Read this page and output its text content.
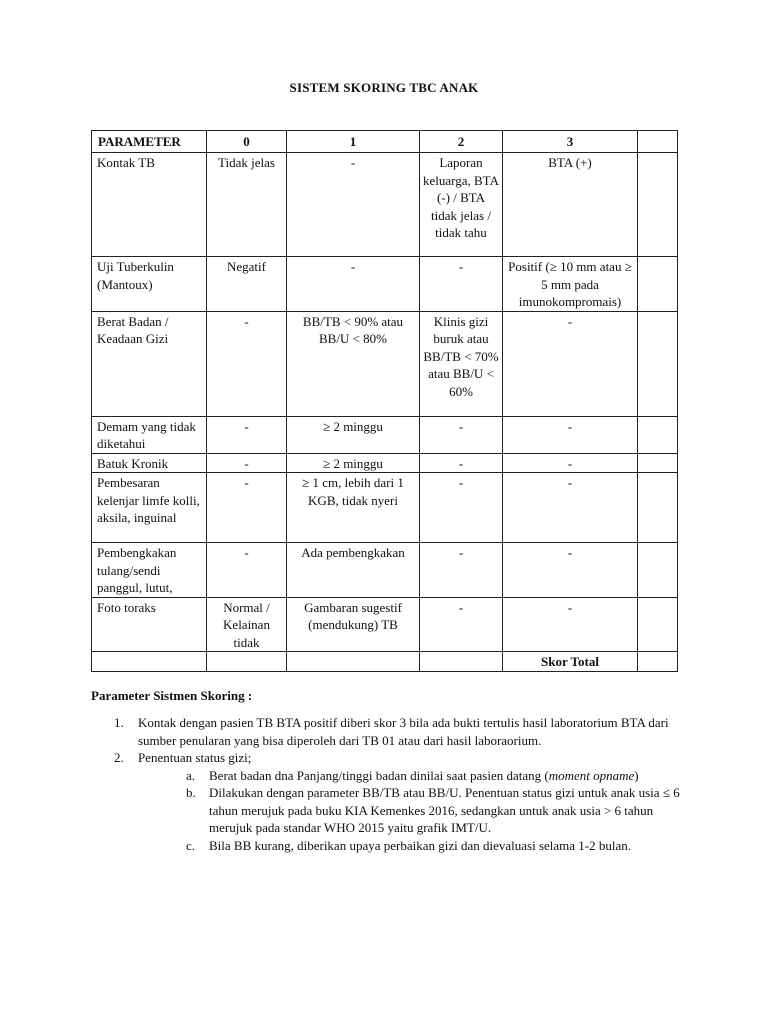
SISTEM SKORING TBC ANAK
PARAMETER	0	1	2	3	
Kontak TB	Tidak jelas	-	Laporan keluarga, BTA (-) / BTA tidak jelas / tidak tahu	BTA (+)	
Uji Tuberkulin (Mantoux)	Negatif	-	-	Positif (≥ 10 mm atau ≥ 5 mm pada imunokompromais)	
Berat Badan / Keadaan Gizi	-	BB/TB < 90% atau BB/U < 80%	Klinis gizi buruk atau BB/TB < 70% atau BB/U < 60%	-	
Demam yang tidak diketahui	-	≥ 2 minggu	-	-	
Batuk Kronik	-	≥ 2 minggu	-	-	
Pembesaran kelenjar limfe kolli, aksila, inguinal	-	≥ 1 cm, lebih dari 1 KGB, tidak nyeri	-	-	
Pembengkakan tulang/sendi panggul, lutut,	-	Ada pembengkakan	-	-	
Foto toraks	Normal / Kelainan tidak	Gambaran sugestif (mendukung) TB	-	-	
				Skor Total	
Parameter Sistmen Skoring :
1. Kontak dengan pasien TB BTA positif diberi skor 3 bila ada bukti tertulis hasil laboratorium BTA dari sumber penularan yang bisa diperoleh dari TB 01 atau dari hasil laboraorium.
2. Penentuan status gizi;
a. Berat badan dna Panjang/tinggi badan dinilai saat pasien datang (moment opname)
b. Dilakukan dengan parameter BB/TB atau BB/U. Penentuan status gizi untuk anak usia ≤ 6 tahun merujuk pada buku KIA Kemenkes 2016, sedangkan untuk anak usia > 6 tahun merujuk pada standar WHO 2015 yaitu grafik IMT/U.
c. Bila BB kurang, diberikan upaya perbaikan gizi dan dievaluasi selama 1-2 bulan.
